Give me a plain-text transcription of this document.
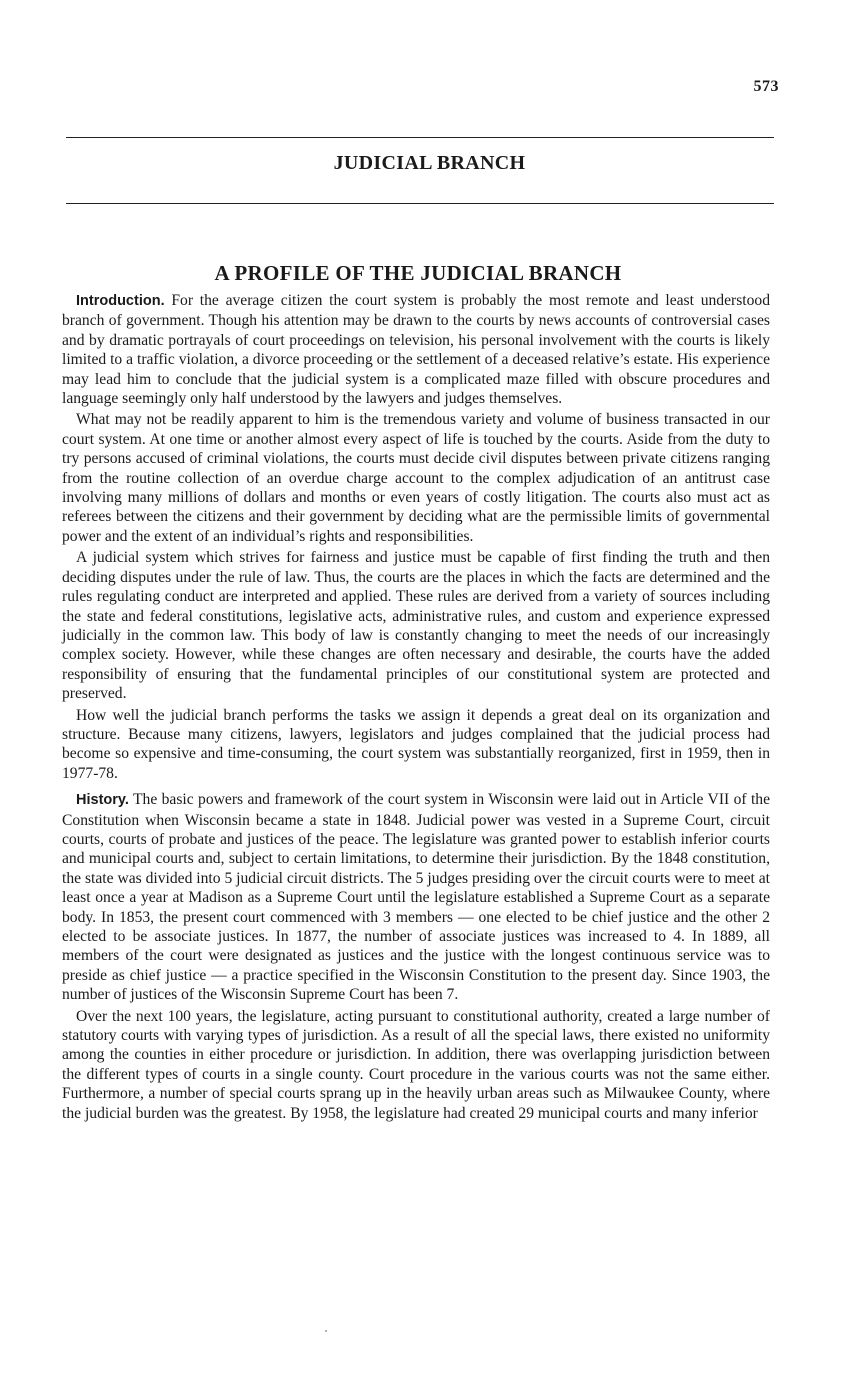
573
JUDICIAL BRANCH
A PROFILE OF THE JUDICIAL BRANCH

Introduction. For the average citizen the court system is probably the most remote and least understood branch of government. Though his attention may be drawn to the courts by news accounts of controversial cases and by dramatic portrayals of court proceedings on television, his personal involvement with the courts is likely limited to a traffic violation, a divorce proceeding or the settlement of a deceased relative’s estate. His experience may lead him to conclude that the judicial system is a complicated maze filled with obscure procedures and language seemingly only half understood by the lawyers and judges themselves.

What may not be readily apparent to him is the tremendous variety and volume of business transacted in our court system. At one time or another almost every aspect of life is touched by the courts. Aside from the duty to try persons accused of criminal violations, the courts must decide civil disputes between private citizens ranging from the routine collection of an overdue charge account to the complex adjudication of an antitrust case involving many millions of dollars and months or even years of costly litigation. The courts also must act as referees between the citizens and their government by deciding what are the permissible limits of governmental power and the extent of an individual’s rights and responsibilities.

A judicial system which strives for fairness and justice must be capable of first finding the truth and then deciding disputes under the rule of law. Thus, the courts are the places in which the facts are determined and the rules regulating conduct are interpreted and applied. These rules are derived from a variety of sources including the state and federal constitutions, legislative acts, administrative rules, and custom and experience expressed judicially in the common law. This body of law is constantly changing to meet the needs of our increasingly complex society. However, while these changes are often necessary and desirable, the courts have the added responsibility of ensuring that the fundamental principles of our constitutional system are protected and preserved.

How well the judicial branch performs the tasks we assign it depends a great deal on its organization and structure. Because many citizens, lawyers, legislators and judges complained that the judicial process had become so expensive and time-consuming, the court system was substantially reorganized, first in 1959, then in 1977-78.

History. The basic powers and framework of the court system in Wisconsin were laid out in Article VII of the Constitution when Wisconsin became a state in 1848. Judicial power was vested in a Supreme Court, circuit courts, courts of probate and justices of the peace. The legislature was granted power to establish inferior courts and municipal courts and, subject to certain limitations, to determine their jurisdiction. By the 1848 constitution, the state was divided into 5 judicial circuit districts. The 5 judges presiding over the circuit courts were to meet at least once a year at Madison as a Supreme Court until the legislature established a Supreme Court as a separate body. In 1853, the present court commenced with 3 members — one elected to be chief justice and the other 2 elected to be associate justices. In 1877, the number of associate justices was increased to 4. In 1889, all members of the court were designated as justices and the justice with the longest continuous service was to preside as chief justice — a practice specified in the Wisconsin Constitution to the present day. Since 1903, the number of justices of the Wisconsin Supreme Court has been 7.

Over the next 100 years, the legislature, acting pursuant to constitutional authority, created a large number of statutory courts with varying types of jurisdiction. As a result of all the special laws, there existed no uniformity among the counties in either procedure or jurisdiction. In addition, there was overlapping jurisdiction between the different types of courts in a single county. Court procedure in the various courts was not the same either. Furthermore, a number of special courts sprang up in the heavily urban areas such as Milwaukee County, where the judicial burden was the greatest. By 1958, the legislature had created 29 municipal courts and many inferior
